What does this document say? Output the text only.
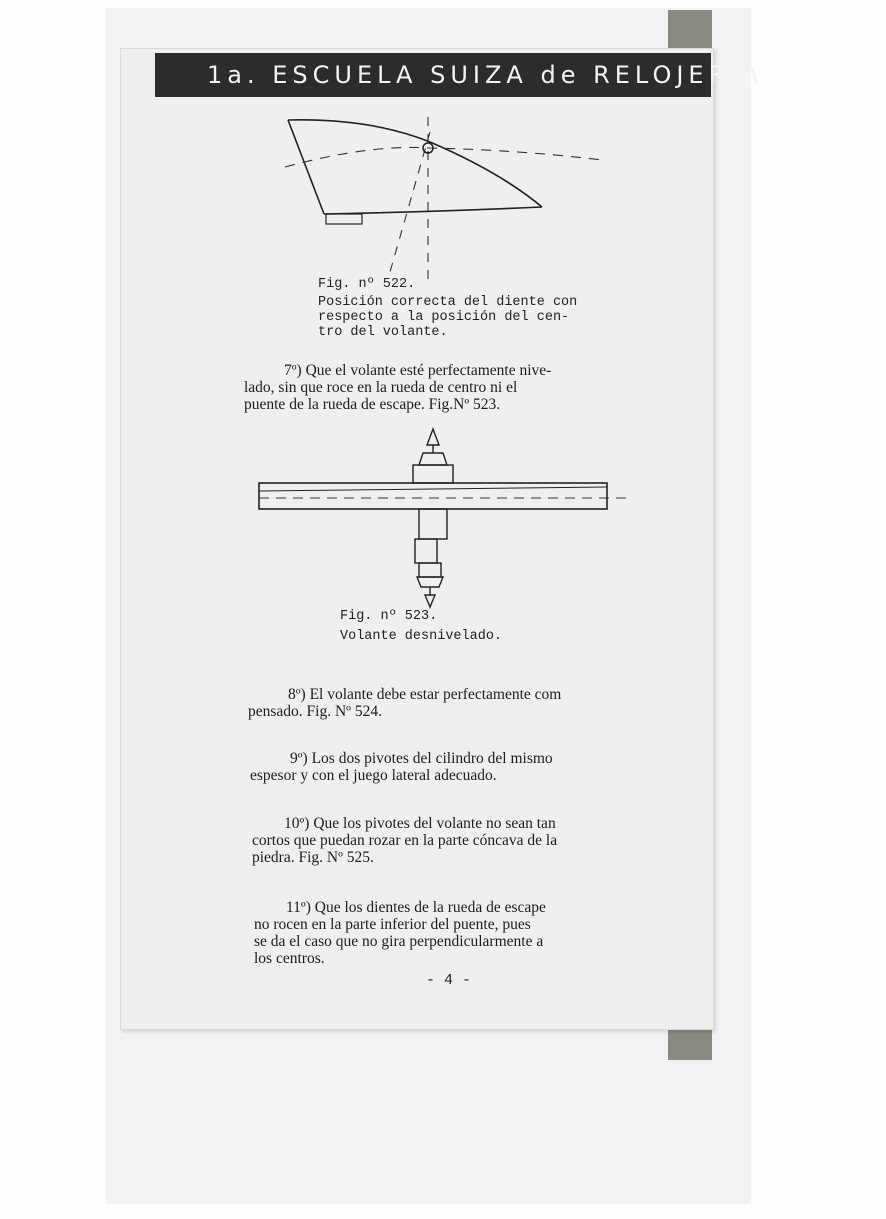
1a. ESCUELA SUIZA de RELOJERIA
Fig. nº 522.
Posición correcta del diente con
respecto a la posición del cen-
tro del volante.

7º) Que el volante esté perfectamente nive-

lado, sin que roce en la rueda de centro ni el

puente de la rueda de escape. Fig.Nº 523.

Fig. nº 523.
Volante desnivelado.

8º) El volante debe estar perfectamente com

pensado. Fig. Nº 524.

9º) Los dos pivotes del cilindro del mismo

espesor y con el juego lateral adecuado.

10º) Que los pivotes del volante no sean tan

cortos que puedan rozar en la parte cóncava de la

piedra. Fig. Nº 525.

11º) Que los dientes de la rueda de escape

no rocen en la parte inferior del puente, pues

se da el caso que no gira perpendicularmente a

los centros.

- 4 -
